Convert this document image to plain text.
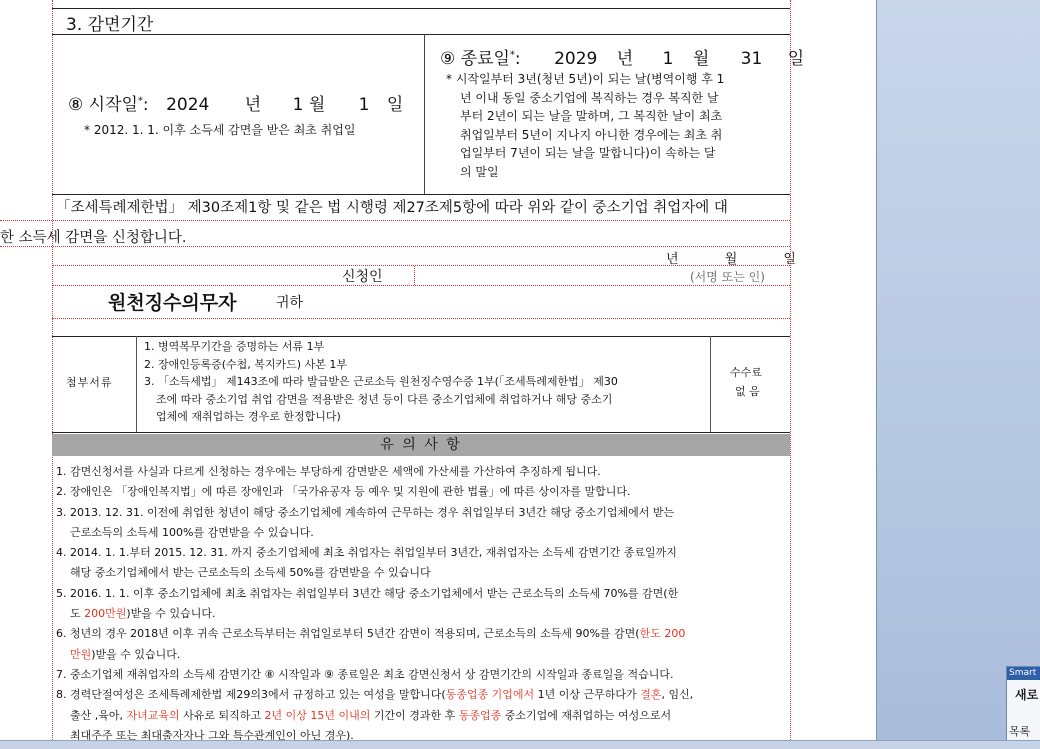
3. 감면기간
⑧ 시작일*: 2024 년 1 월 1 일
* 2012. 1. 1. 이후 소득세 감면을 받은 최초 취업일
⑨ 종료일*: 2029 년 1 월 31 일
* 시작일부터 3년(청년 5년)이 되는 날(병역이행 후 1
년 이내 동일 중소기업에 복직하는 경우 복직한 날
부터 2년이 되는 날을 말하며, 그 복직한 날이 최초
취업일부터 5년이 지나지 아니한 경우에는 최초 취
업일부터 7년이 되는 날을 말합니다)이 속하는 달
의 말일
「조세특례제한법」 제30조제1항 및 같은 법 시행령 제27조제5항에 따라 위와 같이 중소기업 취업자에 대
한 소득세 감면을 신청합니다.
년	월	일
신청인	(서명 또는 인)
원천징수의무자	귀하
첨부서류
1. 병역복무기간을 증명하는 서류 1부
2. 장애인등록증(수첩, 복지카드) 사본 1부
3. 「소득세법」 제143조에 따라 발급받은 근로소득 원천징수영수증 1부(「조세특례제한법」 제30
조에 따라 중소기업 취업 감면을 적용받은 청년 등이 다른 중소기업체에 취업하거나 해당 중소기
업체에 재취업하는 경우로 한정합니다)
수수료
없 음
유 의 사 항
1. 감면신청서를 사실과 다르게 신청하는 경우에는 부당하게 감면받은 세액에 가산세를 가산하여 추징하게 됩니다.
2. 장애인은 「장애인복지법」에 따른 장애인과 「국가유공자 등 예우 및 지원에 관한 법률」에 따른 상이자를 말합니다.
3. 2013. 12. 31. 이전에 취업한 청년이 해당 중소기업체에 계속하여 근무하는 경우 취업일부터 3년간 해당 중소기업체에서 받는
근로소득의 소득세 100%를 감면받을 수 있습니다.
4. 2014. 1. 1.부터 2015. 12. 31. 까지 중소기업체에 최초 취업자는 취업일부터 3년간, 재취업자는 소득세 감면기간 종료일까지
해당 중소기업체에서 받는 근로소득의 소득세 50%를 감면받을 수 있습니다
5. 2016. 1. 1. 이후 중소기업체에 최초 취업자는 취업일부터 3년간 해당 중소기업체에서 받는 근로소득의 소득세 70%를 감면(한
도 200만원)받을 수 있습니다.
6. 청년의 경우 2018년 이후 귀속 근로소득부터는 취업일로부터 5년간 감면이 적용되며, 근로소득의 소득세 90%를 감면(한도 200
만원)받을 수 있습니다.
7. 중소기업체 재취업자의 소득세 감면기간 ⑧ 시작일과 ⑨ 종료일은 최초 감면신청서 상 감면기간의 시작일과 종료일을 적습니다.
8. 경력단절여성은 조세특례제한법 제29의3에서 규정하고 있는 여성을 말합니다(동종업종 기업에서 1년 이상 근무하다가 결혼, 임신,
출산 ,육아, 자녀교육의 사유로 퇴직하고 2년 이상 15년 이내의 기간이 경과한 후 동종업종 중소기업에 재취업하는 여성으로서
최대주주 또는 최대출자자나 그와 특수관계인이 아닌 경우).
Smart
새로
목록
